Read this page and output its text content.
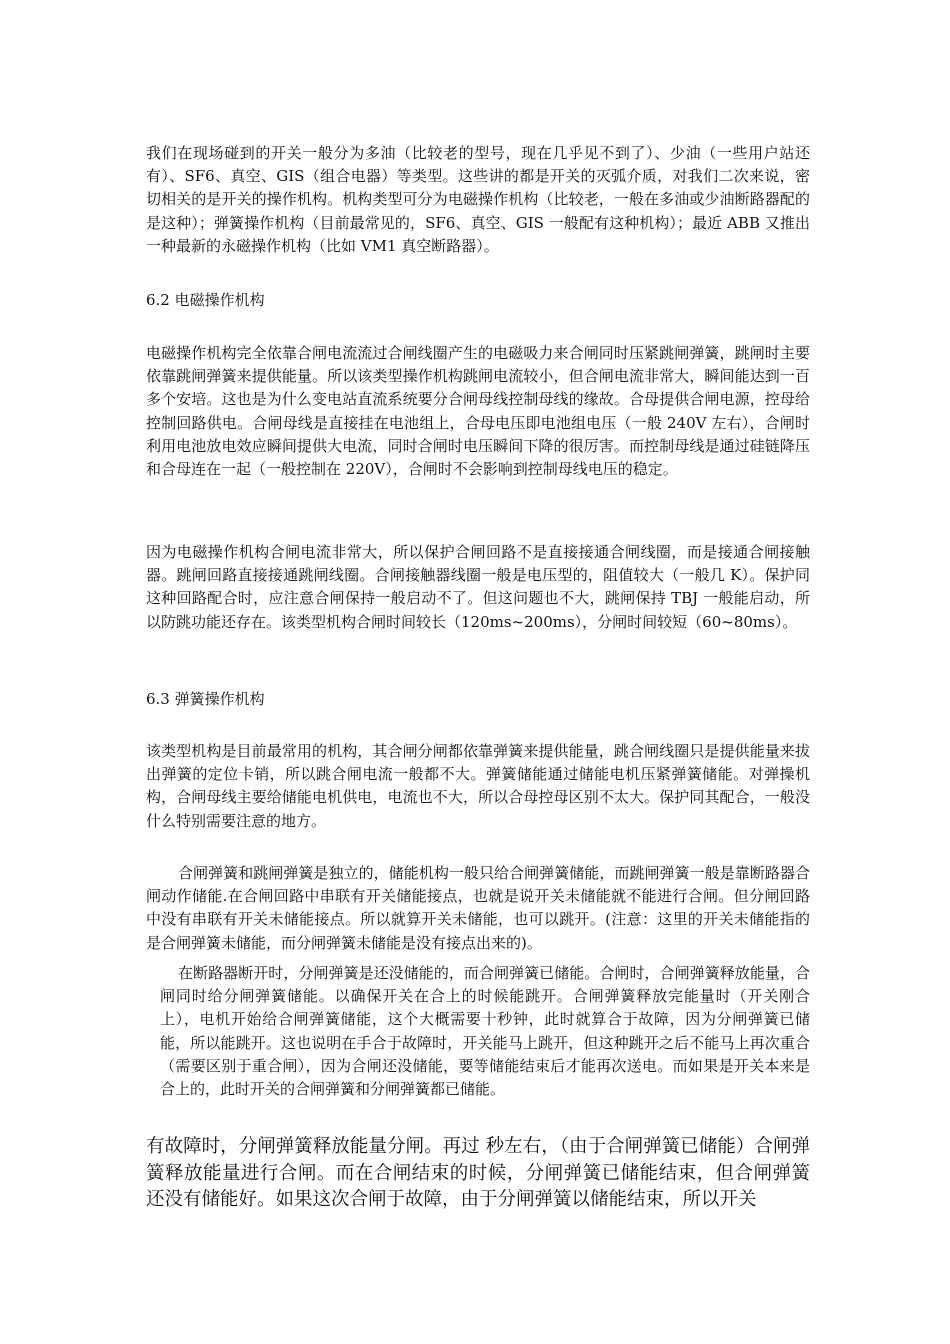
我们在现场碰到的开关一般分为多油（比较老的型号，现在几乎见不到了）、少油（一些用户站还有）、SF6、真空、GIS（组合电器）等类型。这些讲的都是开关的灭弧介质，对我们二次来说，密切相关的是开关的操作机构。机构类型可分为电磁操作机构（比较老，一般在多油或少油断路器配的是这种）；弹簧操作机构（目前最常见的，SF6、真空、GIS 一般配有这种机构）；最近 ABB 又推出一种最新的永磁操作机构（比如 VM1 真空断路器）。

6.2 电磁操作机构

电磁操作机构完全依靠合闸电流流过合闸线圈产生的电磁吸力来合闸同时压紧跳闸弹簧，跳闸时主要依靠跳闸弹簧来提供能量。所以该类型操作机构跳闸电流较小，但合闸电流非常大，瞬间能达到一百多个安培。这也是为什么变电站直流系统要分合闸母线控制母线的缘故。合母提供合闸电源，控母给控制回路供电。合闸母线是直接挂在电池组上，合母电压即电池组电压（一般 240V 左右），合闸时利用电池放电效应瞬间提供大电流，同时合闸时电压瞬间下降的很厉害。而控制母线是通过硅链降压和合母连在一起（一般控制在 220V），合闸时不会影响到控制母线电压的稳定。

因为电磁操作机构合闸电流非常大，所以保护合闸回路不是直接接通合闸线圈，而是接通合闸接触器。跳闸回路直接接通跳闸线圈。合闸接触器线圈一般是电压型的，阻值较大（一般几 K）。保护同这种回路配合时，应注意合闸保持一般启动不了。但这问题也不大，跳闸保持 TBJ 一般能启动，所以防跳功能还存在。该类型机构合闸时间较长（120ms~200ms），分闸时间较短（60~80ms）。

6.3 弹簧操作机构

该类型机构是目前最常用的机构，其合闸分闸都依靠弹簧来提供能量，跳合闸线圈只是提供能量来拔出弹簧的定位卡销，所以跳合闸电流一般都不大。弹簧储能通过储能电机压紧弹簧储能。对弹操机构，合闸母线主要给储能电机供电，电流也不大，所以合母控母区别不太大。保护同其配合，一般没什么特别需要注意的地方。

合闸弹簧和跳闸弹簧是独立的，储能机构一般只给合闸弹簧储能，而跳闸弹簧一般是靠断路器合闸动作储能.在合闸回路中串联有开关储能接点，也就是说开关未储能就不能进行合闸。但分闸回路中没有串联有开关未储能接点。所以就算开关未储能，也可以跳开。(注意：这里的开关未储能指的是合闸弹簧未储能，而分闸弹簧未储能是没有接点出来的)。

在断路器断开时，分闸弹簧是还没储能的，而合闸弹簧已储能。合闸时，合闸弹簧释放能量，合闸同时给分闸弹簧储能。以确保开关在合上的时候能跳开。合闸弹簧释放完能量时（开关刚合上），电机开始给合闸弹簧储能，这个大概需要十秒钟，此时就算合于故障，因为分闸弹簧已储能，所以能跳开。这也说明在手合于故障时，开关能马上跳开，但这种跳开之后不能马上再次重合（需要区别于重合闸），因为合闸还没储能，要等储能结束后才能再次送电。而如果是开关本来是合上的，此时开关的合闸弹簧和分闸弹簧都已储能。

有故障时，分闸弹簧释放能量分闸。再过 秒左右，（由于合闸弹簧已储能）合闸弹簧释放能量进行合闸。而在合闸结束的时候，分闸弹簧已储能结束，但合闸弹簧还没有储能好。如果这次合闸于故障，由于分闸弹簧以储能结束，所以开关
